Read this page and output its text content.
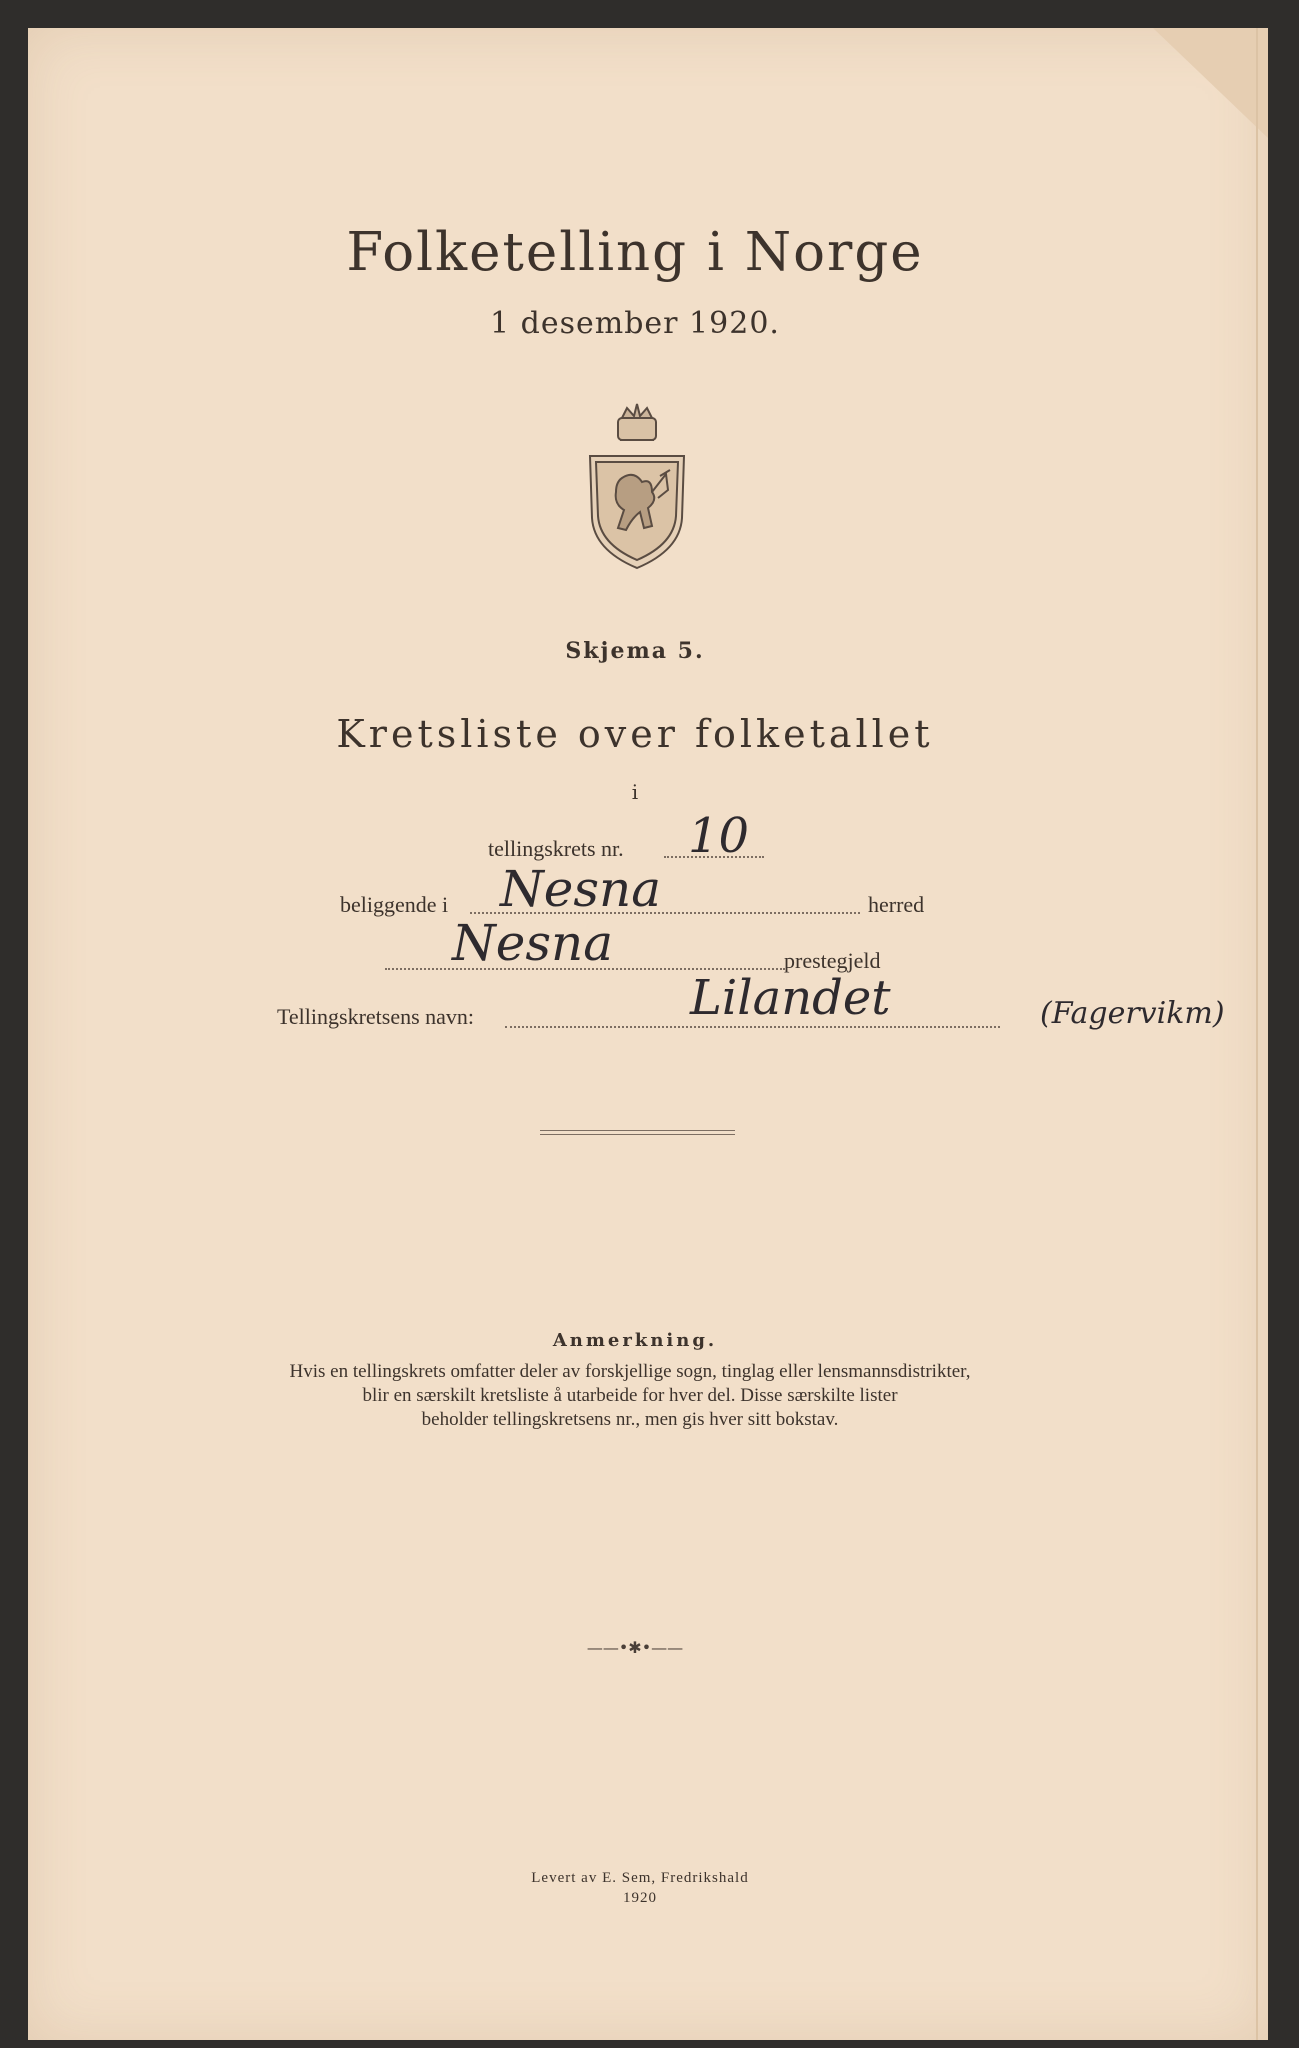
Folketelling i Norge
1 desember 1920.
Skjema 5.
Kretsliste over folketallet
i
tellingskrets nr. 10
beliggende i Nesna	herred
Nesna	prestegjeld
Tellingskretsens navn:	Lilandet	(Fagervikm)
Anmerkning.
Hvis en tellingskrets omfatter deler av forskjellige sogn, tinglag eller lensmannsdistrikter,
blir en særskilt kretsliste å utarbeide for hver del. Disse særskilte lister
beholder tellingskretsens nr., men gis hver sitt bokstav.
——•✱•——
Levert av E. Sem, Fredrikshald
1920
